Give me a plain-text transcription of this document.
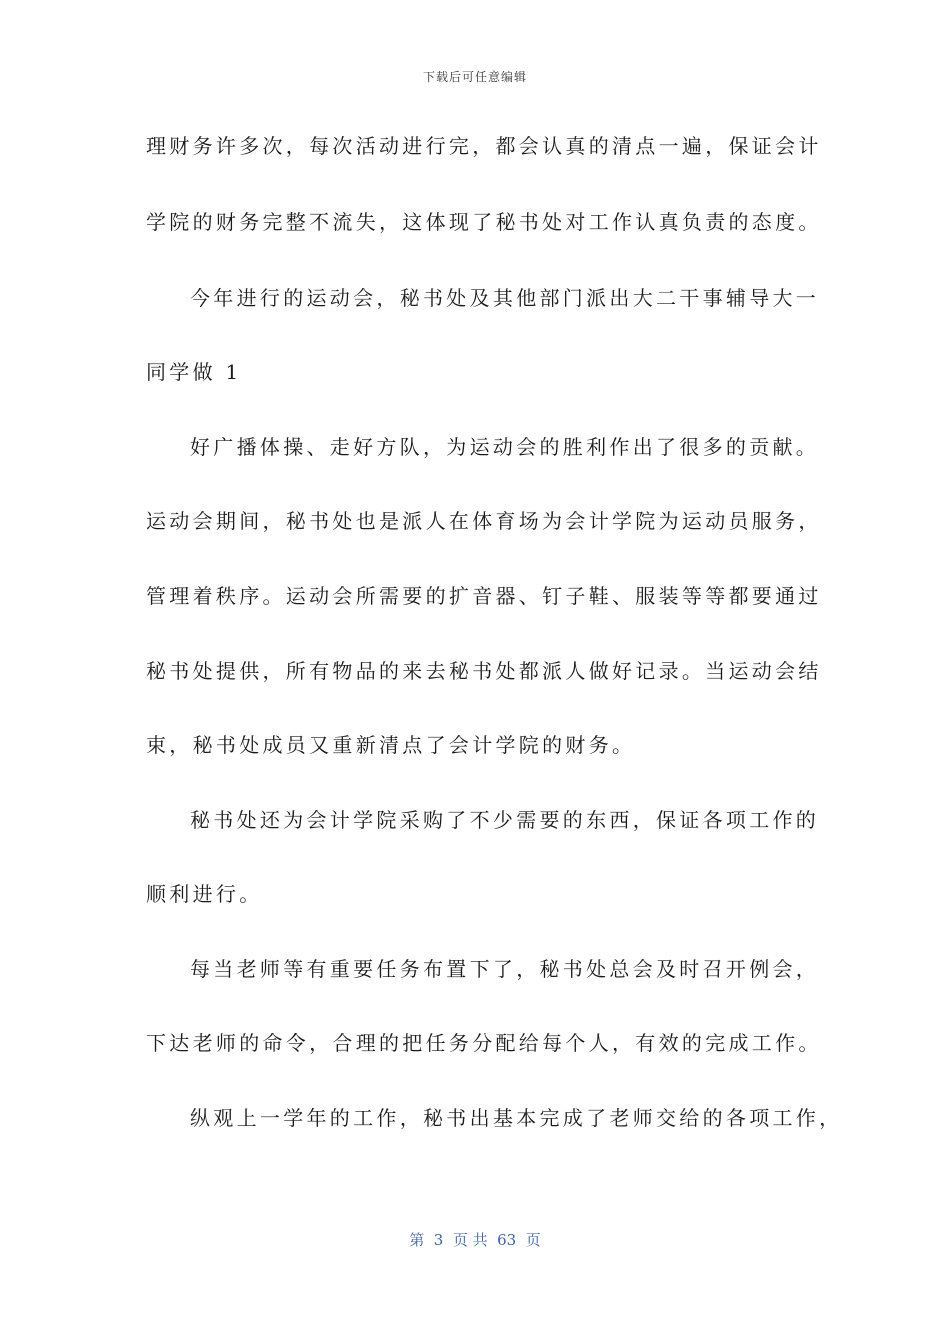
下载后可任意编辑
理财务许多次，每次活动进行完，都会认真的清点一遍，保证会计
学院的财务完整不流失，这体现了秘书处对工作认真负责的态度。
今年进行的运动会，秘书处及其他部门派出大二干事辅导大一
同学做 1
好广播体操、走好方队，为运动会的胜利作出了很多的贡献。
运动会期间，秘书处也是派人在体育场为会计学院为运动员服务，
管理着秩序。运动会所需要的扩音器、钉子鞋、服装等等都要通过
秘书处提供，所有物品的来去秘书处都派人做好记录。当运动会结
束，秘书处成员又重新清点了会计学院的财务。
秘书处还为会计学院采购了不少需要的东西，保证各项工作的
顺利进行。
每当老师等有重要任务布置下了，秘书处总会及时召开例会，
下达老师的命令，合理的把任务分配给每个人，有效的完成工作。
纵观上一学年的工作，秘书出基本完成了老师交给的各项工作，
第  3  页 共  63  页
